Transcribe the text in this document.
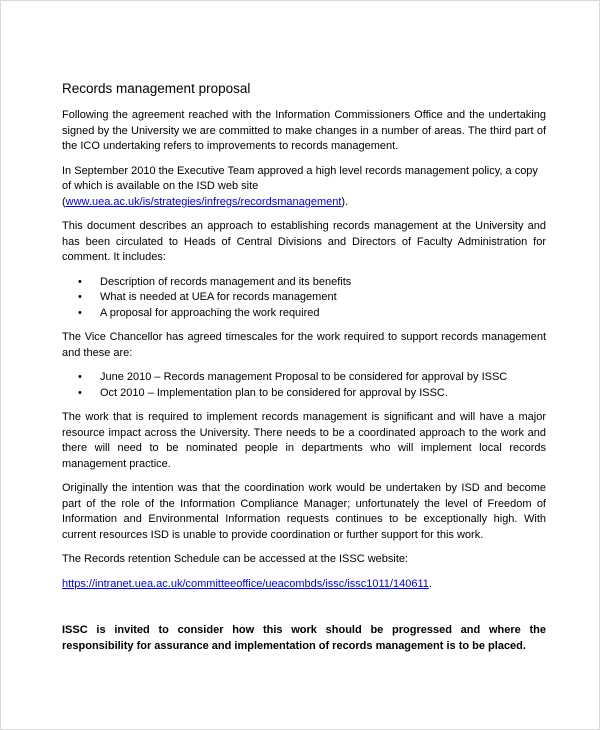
Records management proposal

Following the agreement reached with the Information Commissioners Office and the undertaking signed by the University we are committed to make changes in a number of areas. The third part of the ICO undertaking refers to improvements to records management.

In September 2010 the Executive Team approved a high level records management policy, a copy of which is available on the ISD web site (www.uea.ac.uk/is/strategies/infregs/recordsmanagement).

This document describes an approach to establishing records management at the University and has been circulated to Heads of Central Divisions and Directors of Faculty Administration for comment. It includes:

• Description of records management and its benefits
• What is needed at UEA for records management
• A proposal for approaching the work required

The Vice Chancellor has agreed timescales for the work required to support records management and these are:

• June 2010 – Records management Proposal to be considered for approval by ISSC
• Oct 2010 – Implementation plan to be considered for approval by ISSC.

The work that is required to implement records management is significant and will have a major resource impact across the University. There needs to be a coordinated approach to the work and there will need to be nominated people in departments who will implement local records management practice.

Originally the intention was that the coordination work would be undertaken by ISD and become part of the role of the Information Compliance Manager; unfortunately the level of Freedom of Information and Environmental Information requests continues to be exceptionally high. With current resources ISD is unable to provide coordination or further support for this work.

The Records retention Schedule can be accessed at the ISSC website:

https://intranet.uea.ac.uk/committeeoffice/ueacombds/issc/issc1011/140611.

ISSC is invited to consider how this work should be progressed and where the responsibility for assurance and implementation of records management is to be placed.
